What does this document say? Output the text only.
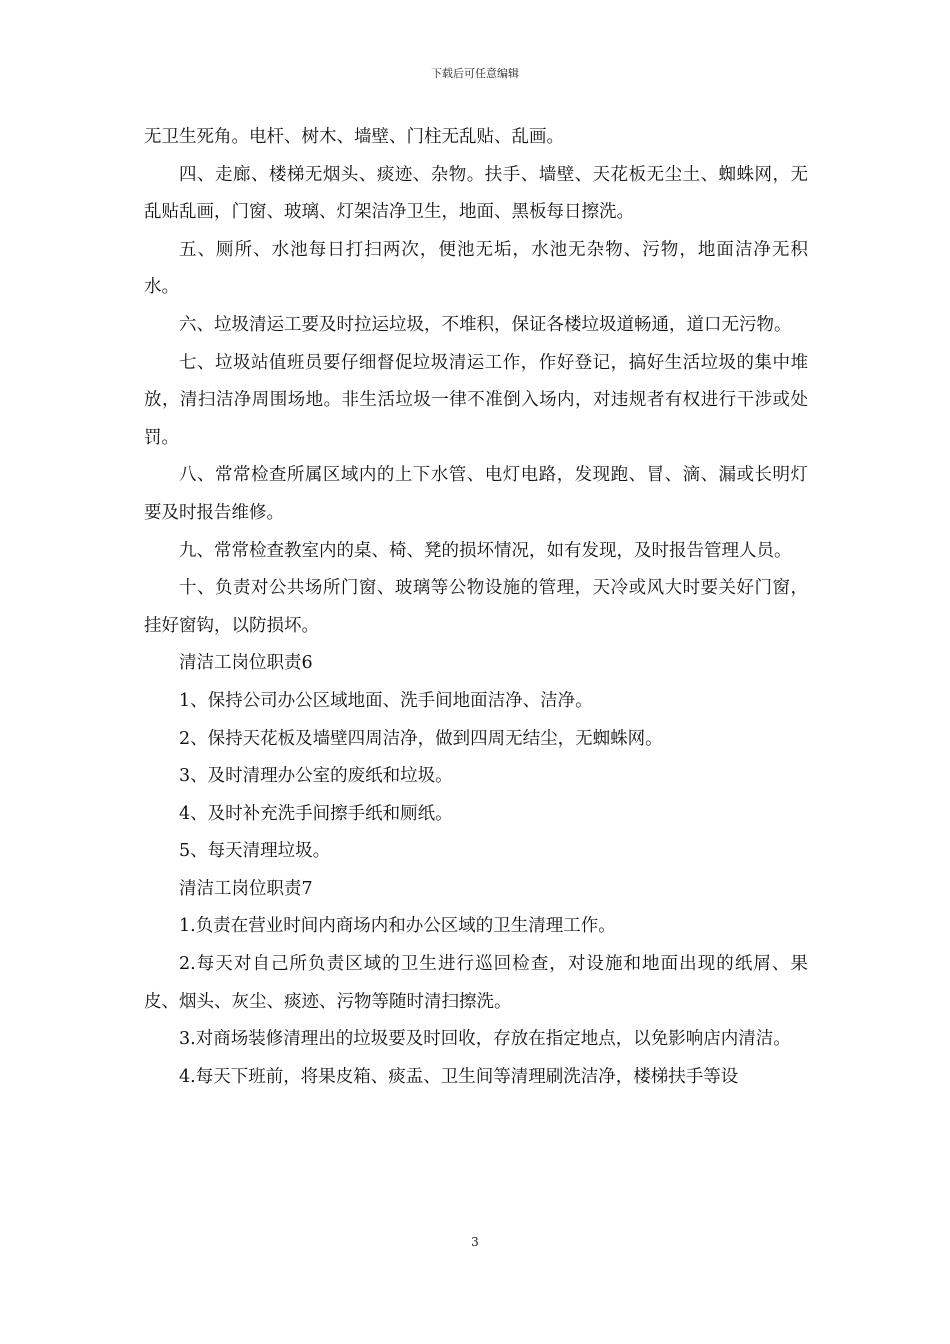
下载后可任意编辑

无卫生死角。电杆、树木、墙壁、门柱无乱贴、乱画。

四、走廊、楼梯无烟头、痰迹、杂物。扶手、墙壁、天花板无尘土、蜘蛛网，无乱贴乱画，门窗、玻璃、灯架洁净卫生，地面、黑板每日擦洗。

五、厕所、水池每日打扫两次，便池无垢，水池无杂物、污物，地面洁净无积水。

六、垃圾清运工要及时拉运垃圾，不堆积，保证各楼垃圾道畅通，道口无污物。

七、垃圾站值班员要仔细督促垃圾清运工作，作好登记，搞好生活垃圾的集中堆放，清扫洁净周围场地。非生活垃圾一律不准倒入场内，对违规者有权进行干涉或处罚。

八、常常检查所属区域内的上下水管、电灯电路，发现跑、冒、滴、漏或长明灯要及时报告维修。

九、常常检查教室内的桌、椅、凳的损坏情况，如有发现，及时报告管理人员。

十、负责对公共场所门窗、玻璃等公物设施的管理，天冷或风大时要关好门窗，挂好窗钩，以防损坏。

清洁工岗位职责6

1、保持公司办公区域地面、洗手间地面洁净、洁净。

2、保持天花板及墙壁四周洁净，做到四周无结尘，无蜘蛛网。

3、及时清理办公室的废纸和垃圾。

4、及时补充洗手间擦手纸和厕纸。

5、每天清理垃圾。

清洁工岗位职责7

1.负责在营业时间内商场内和办公区域的卫生清理工作。

2.每天对自己所负责区域的卫生进行巡回检查，对设施和地面出现的纸屑、果皮、烟头、灰尘、痰迹、污物等随时清扫擦洗。

3.对商场装修清理出的垃圾要及时回收，存放在指定地点，以免影响店内清洁。

4.每天下班前，将果皮箱、痰盂、卫生间等清理刷洗洁净，楼梯扶手等设

3
